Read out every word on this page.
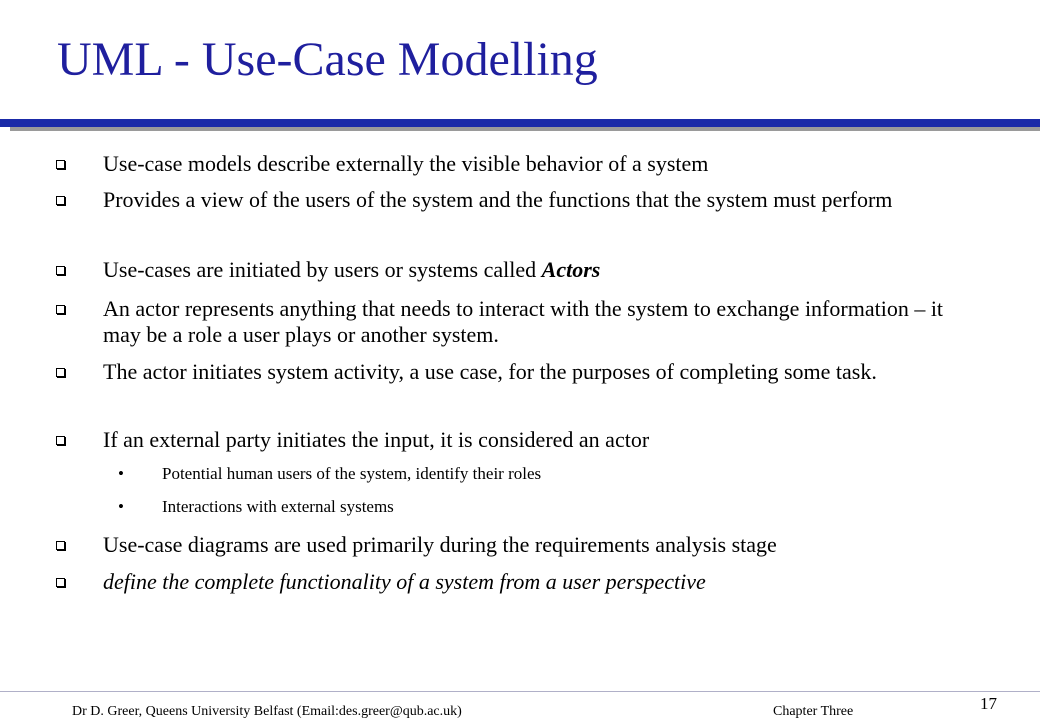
UML - Use-Case Modelling
Use-case models describe externally the visible behavior of a system
Provides a view of the users of the system and the functions that the system must perform
Use-cases are initiated by users or systems called Actors
An actor represents anything that needs to interact with the system to exchange information – it may be a role a user plays or another system.
The actor initiates system activity, a use case, for the purposes of completing some task.
If an external party initiates the input, it is considered an actor
• Potential human users of the system, identify their roles
• Interactions with external systems
Use-case diagrams are used primarily during the requirements analysis stage
define the complete functionality of a system from a user perspective
Dr D. Greer, Queens University Belfast (Email:des.greer@qub.ac.uk)	Chapter Three	17
